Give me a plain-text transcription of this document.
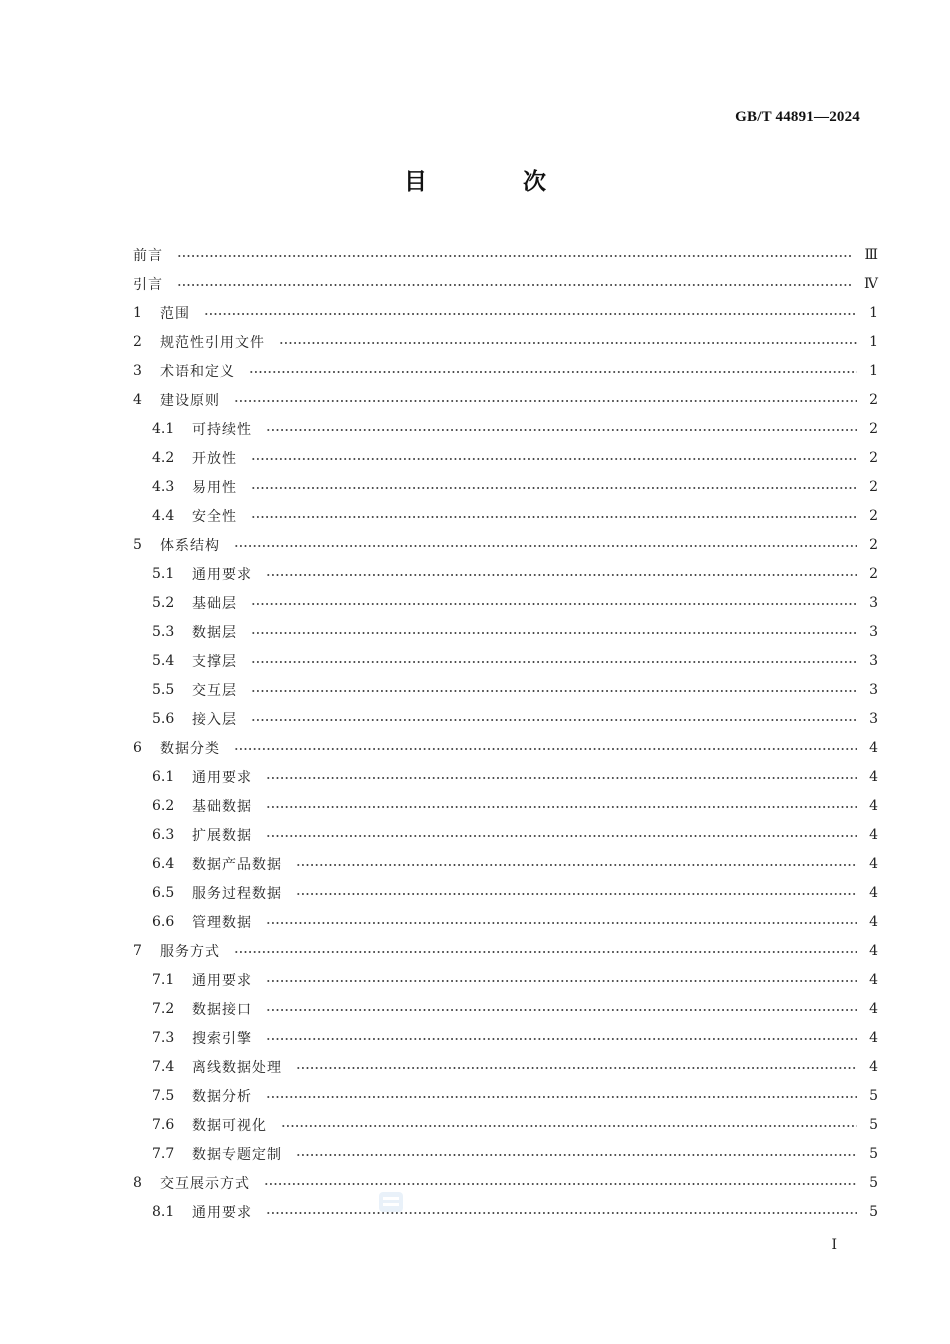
GB/T 44891—2024
目 次
前言	Ⅲ
引言	Ⅳ
1	范围	1
2	规范性引用文件	1
3	术语和定义	1
4	建设原则	2
4.1	可持续性	2
4.2	开放性	2
4.3	易用性	2
4.4	安全性	2
5	体系结构	2
5.1	通用要求	2
5.2	基础层	3
5.3	数据层	3
5.4	支撑层	3
5.5	交互层	3
5.6	接入层	3
6	数据分类	4
6.1	通用要求	4
6.2	基础数据	4
6.3	扩展数据	4
6.4	数据产品数据	4
6.5	服务过程数据	4
6.6	管理数据	4
7	服务方式	4
7.1	通用要求	4
7.2	数据接口	4
7.3	搜索引擎	4
7.4	离线数据处理	4
7.5	数据分析	5
7.6	数据可视化	5
7.7	数据专题定制	5
8	交互展示方式	5
8.1	通用要求	5
I
